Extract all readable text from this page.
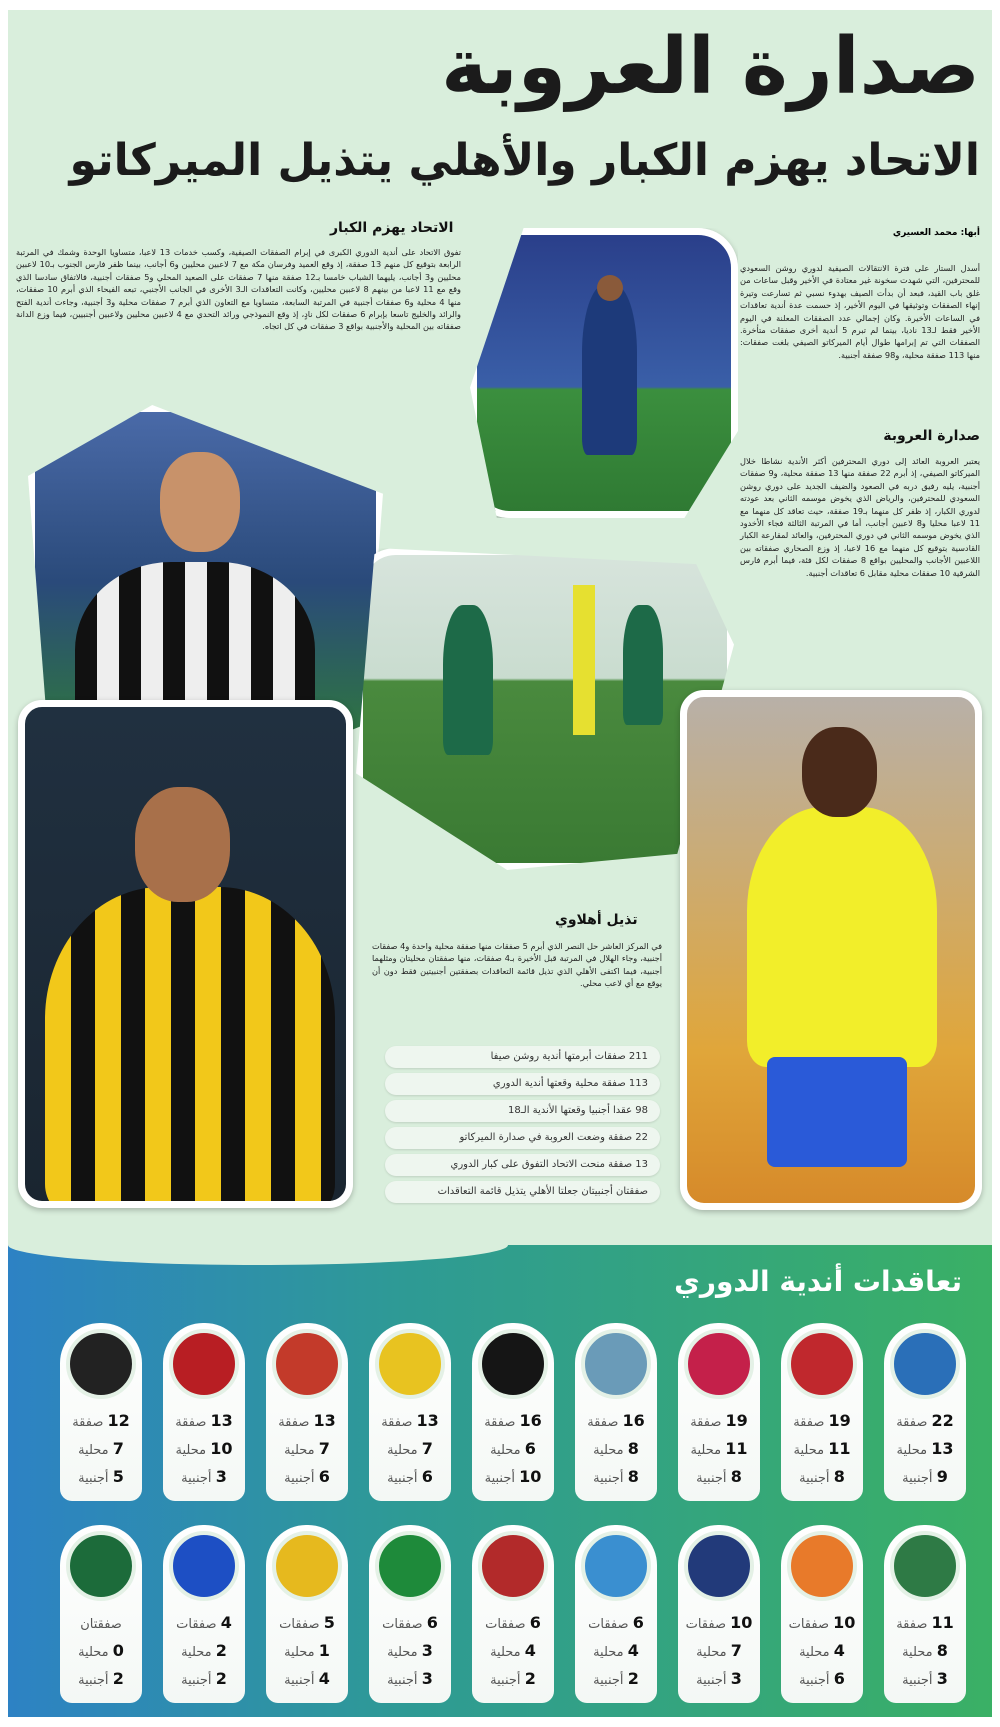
صدارة العروبة
الاتحاد يهزم الكبار والأهلي يتذيل الميركاتو
الاتحاد يهزم الكبار
تفوق الاتحاد على أندية الدوري الكبرى في إبرام الصفقات الصيفية، وكسب خدمات 13 لاعبا، متساويا الوحدة وشمك في المرتبة الرابعة بتوقيع كل منهم 13 صفقة، إذ وقع العميد وفرسان مكة مع 7 لاعبين محليين و6 أجانب، بينما ظفر فارس الجنوب بـ10 لاعبين محليين و3 أجانب، يليهما الشباب خامسا بـ12 صفقة منها 7 صفقات على الصعيد المحلي و5 صفقات أجنبية، فالاتفاق سادسا الذي وقع مع 11 لاعبا من بينهم 8 لاعبين محليين، وكانت التعاقدات الـ3 الأخرى في الجانب الأجنبي، تبعه الفيحاء الذي أبرم 10 صفقات، منها 4 محلية و6 صفقات أجنبية في المرتبة السابعة، متساويا مع التعاون الذي أبرم 7 صفقات محلية و3 أجنبية، وجاءت أندية الفتح والرائد والخليج تاسعا بإبرام 6 صفقات لكل نادٍ، إذ وقع النموذجي ورائد التحدي مع 4 لاعبين محليين ولاعبين أجنبيين، فيما وزع الدانة صفقاته بين المحلية والأجنبية بواقع 3 صفقات في كل اتجاه.
أبها: محمد العسيري
أسدل الستار على فترة الانتقالات الصيفية لدوري روشن السعودي للمحترفين، التي شهدت سخونة غير معتادة في الأخير وقبل ساعات من غلق باب القيد، فبعد أن بدأت الصيف بهدوء نسبي ثم تسارعت وتيرة إنهاء الصفقات وتوثيقها في اليوم الأخير، إذ حسمت عدة أندية تعاقدات في الساعات الأخيرة. وكان إجمالي عدد الصفقات المعلنة في اليوم الأخير فقط لـ13 ناديا، بينما لم تبرم 5 أندية أخرى صفقات متأخرة. الصفقات التي تم إبرامها طوال أيام الميركاتو الصيفي بلغت صفقات: منها 113 صفقة محلية، و98 صفقة أجنبية.
صدارة العروبة
يعتبر العروبة العائد إلى دوري المحترفين أكثر الأندية نشاطا خلال الميركاتو الصيفي، إذ أبرم 22 صفقة منها 13 صفقة محلية، و9 صفقات أجنبية، يليه رفيق دربه في الصعود والضيف الجديد على دوري روشن السعودي للمحترفين، والرياض الذي يخوض موسمه الثاني بعد عودته لدوري الكبار، إذ ظفر كل منهما بـ19 صفقة، حيث تعاقد كل منهما مع 11 لاعبا محليا و8 لاعبين أجانب، أما في المرتبة الثالثة فجاء الأخدود الذي يخوض موسمه الثاني في دوري المحترفين، والعائد لمقارعة الكبار القادسية بتوقيع كل منهما مع 16 لاعبا، إذ وزع الصحاري صفقاته بين اللاعبين الأجانب والمحليين بواقع 8 صفقات لكل فئة، فيما أبرم فارس الشرقية 10 صفقات محلية مقابل 6 تعاقدات أجنبية.
تذيل أهلاوي
في المركز العاشر حل النصر الذي أبرم 5 صفقات منها صفقة محلية واحدة و4 صفقات أجنبية، وجاء الهلال في المرتبة قبل الأخيرة بـ4 صفقات، منها صفقتان محليتان ومثلهما أجنبية، فيما اكتفى الأهلي الذي تذيل قائمة التعاقدات بصفقتين أجنبيتين فقط دون أن يوقع مع أي لاعب محلي.
211 صفقات أبرمتها أندية روشن صيفا
113 صفقة محلية وقعتها أندية الدوري
98 عقدا أجنبيا وقعتها الأندية الـ18
22 صفقة وضعت العروبة في صدارة الميركاتو
13 صفقة منحت الاتحاد التفوق على كبار الدوري
صفقتان أجنبيتان جعلتا الأهلي يتذيل قائمة التعاقدات
تعاقدات أندية الدوري
22 صفقة
13 محلية
9 أجنبية
19 صفقة
11 محلية
8 أجنبية
19 صفقة
11 محلية
8 أجنبية
16 صفقة
8 محلية
8 أجنبية
16 صفقة
6 محلية
10 أجنبية
13 صفقة
7 محلية
6 أجنبية
13 صفقة
7 محلية
6 أجنبية
13 صفقة
10 محلية
3 أجنبية
12 صفقة
7 محلية
5 أجنبية
11 صفقة
8 محلية
3 أجنبية
10 صفقات
4 محلية
6 أجنبية
10 صفقات
7 محلية
3 أجنبية
6 صفقات
4 محلية
2 أجنبية
6 صفقات
4 محلية
2 أجنبية
6 صفقات
3 محلية
3 أجنبية
5 صفقات
1 محلية
4 أجنبية
4 صفقات
2 محلية
2 أجنبية
صفقتان
0 محلية
2 أجنبية
